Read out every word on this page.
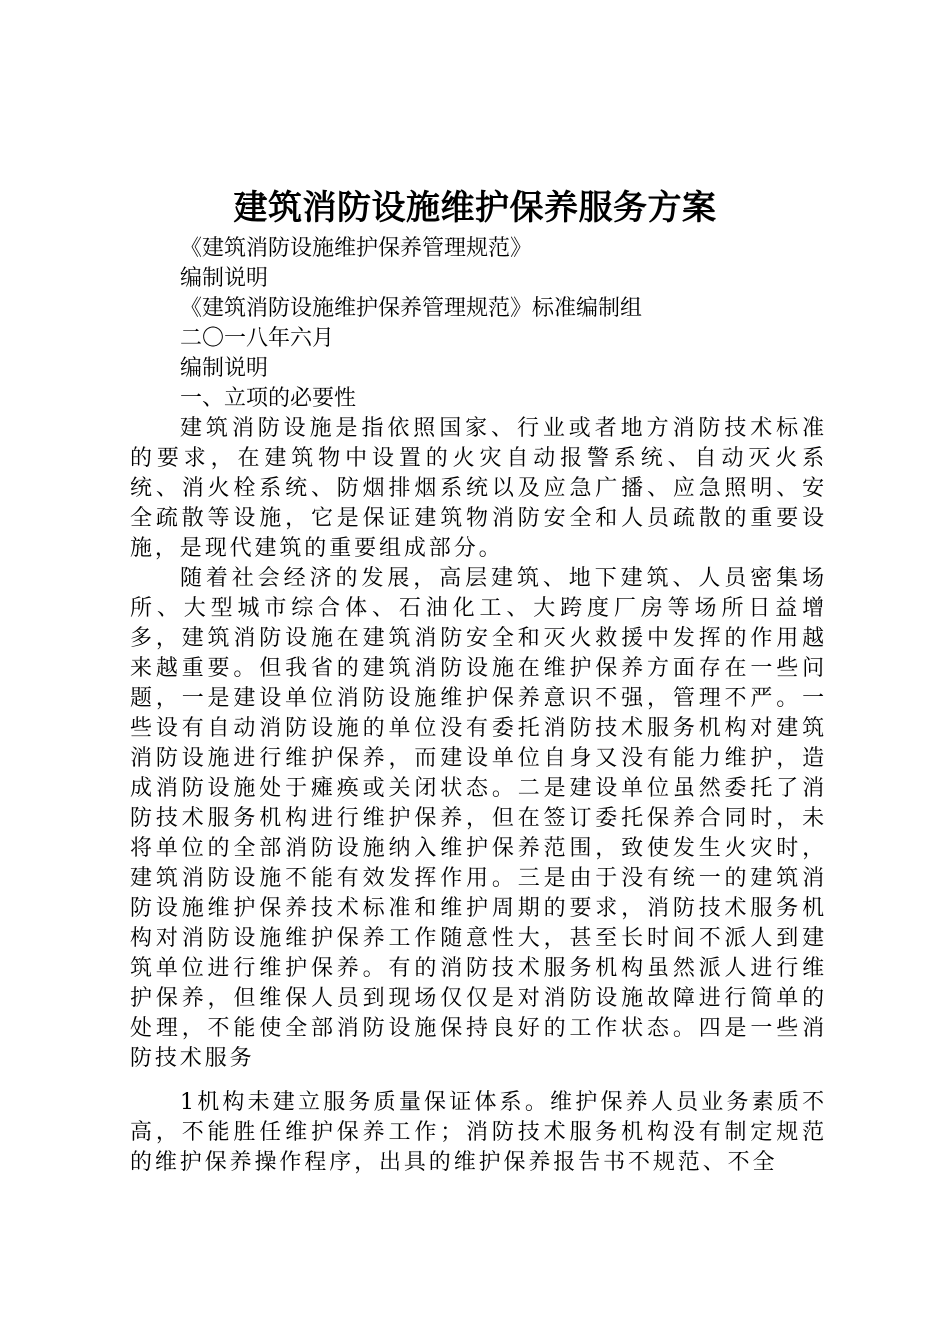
建筑消防设施维护保养服务方案

《建筑消防设施维护保养管理规范》

编制说明

《建筑消防设施维护保养管理规范》标准编制组

二〇一八年六月

编制说明

一、立项的必要性

建筑消防设施是指依照国家、行业或者地方消防技术标准的要求，在建筑物中设置的火灾自动报警系统、自动灭火系统、消火栓系统、防烟排烟系统以及应急广播、应急照明、安全疏散等设施，它是保证建筑物消防安全和人员疏散的重要设施，是现代建筑的重要组成部分。

随着社会经济的发展，高层建筑、地下建筑、人员密集场所、大型城市综合体、石油化工、大跨度厂房等场所日益增多，建筑消防设施在建筑消防安全和灭火救援中发挥的作用越来越重要。但我省的建筑消防设施在维护保养方面存在一些问题，一是建设单位消防设施维护保养意识不强，管理不严。一些设有自动消防设施的单位没有委托消防技术服务机构对建筑消防设施进行维护保养，而建设单位自身又没有能力维护，造成消防设施处于瘫痪或关闭状态。二是建设单位虽然委托了消防技术服务机构进行维护保养，但在签订委托保养合同时，未将单位的全部消防设施纳入维护保养范围，致使发生火灾时，建筑消防设施不能有效发挥作用。三是由于没有统一的建筑消防设施维护保养技术标准和维护周期的要求，消防技术服务机构对消防设施维护保养工作随意性大，甚至长时间不派人到建筑单位进行维护保养。有的消防技术服务机构虽然派人进行维护保养，但维保人员到现场仅仅是对消防设施故障进行简单的处理，不能使全部消防设施保持良好的工作状态。四是一些消防技术服务

1机构未建立服务质量保证体系。维护保养人员业务素质不高，不能胜任维护保养工作；消防技术服务机构没有制定规范的维护保养操作程序，出具的维护保养报告书不规范、不全
